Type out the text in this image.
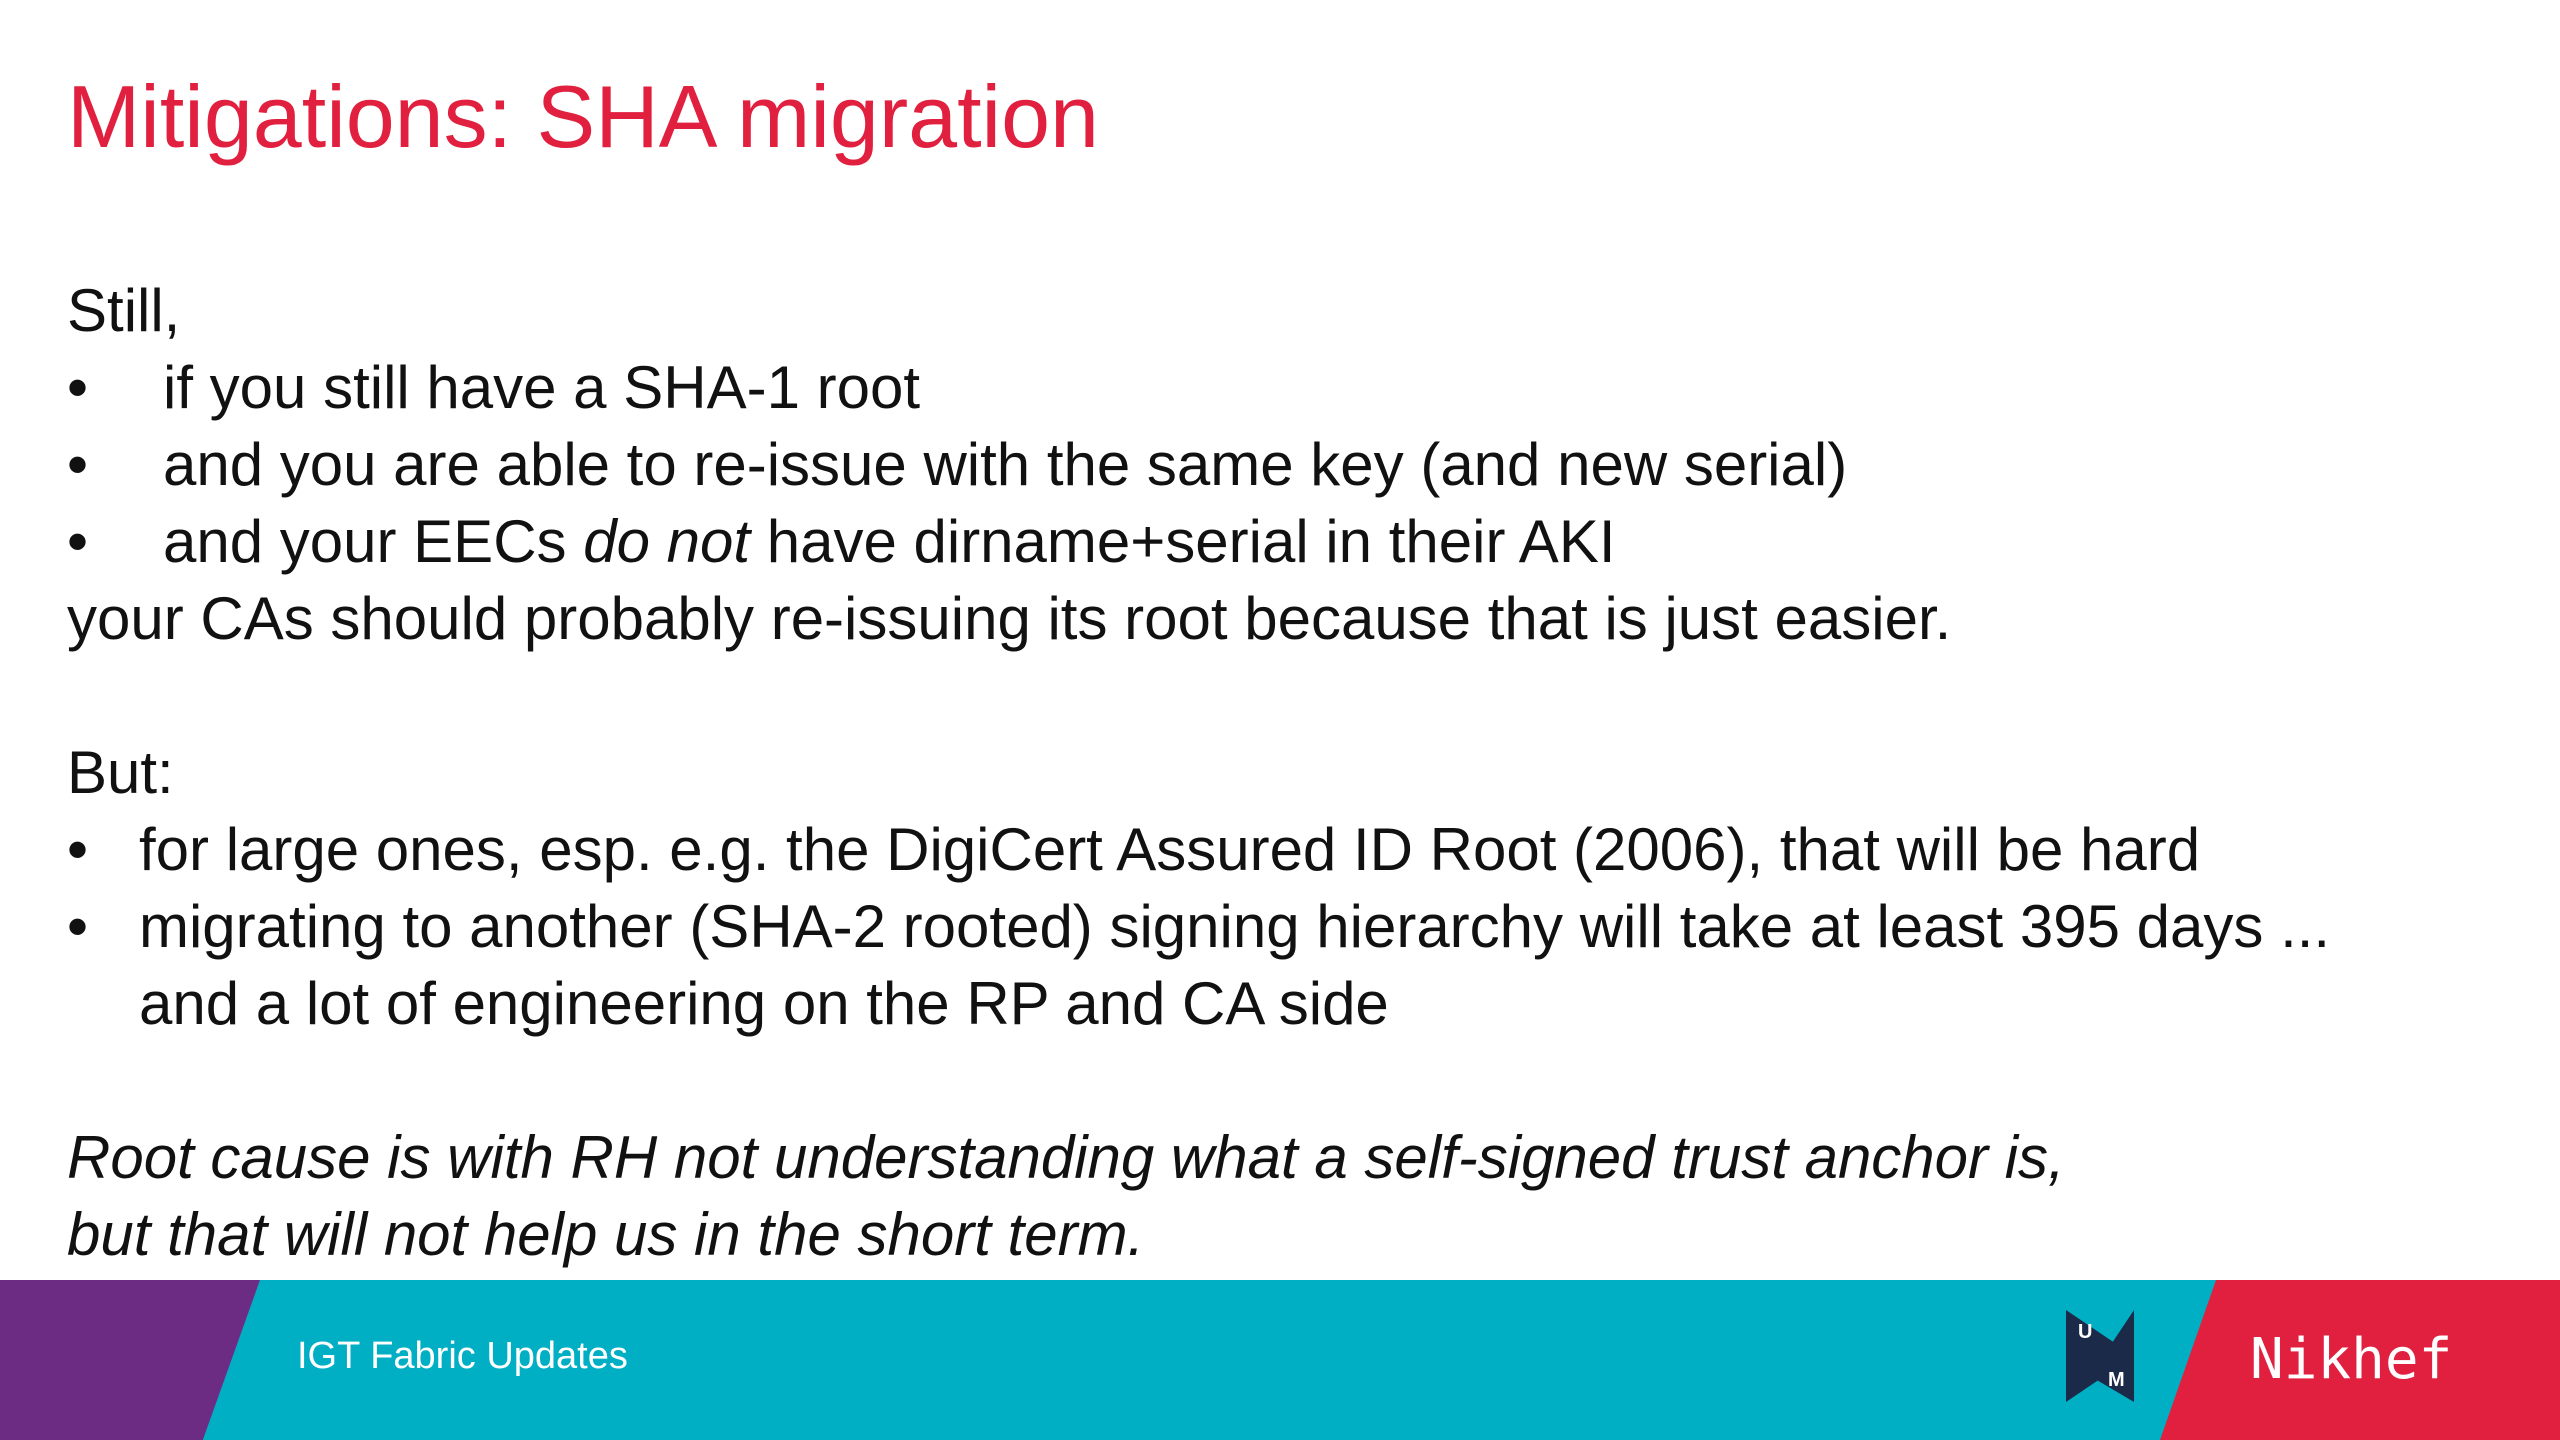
Mitigations: SHA migration
Still,
• if you still have a SHA-1 root
• and you are able to re-issue with the same key (and new serial)
• and your EECs do not have dirname+serial in their AKI
your CAs should probably re-issuing its root because that is just easier.
But:
• for large ones, esp. e.g. the DigiCert Assured ID Root (2006), that will be hard
• migrating to another (SHA-2 rooted) signing hierarchy will take at least 395 days ...
and a lot of engineering on the RP and CA side
Root cause is with RH not understanding what a self-signed trust anchor is,
but that will not help us in the short term.
IGT Fabric Updates
U
M Nikhef
